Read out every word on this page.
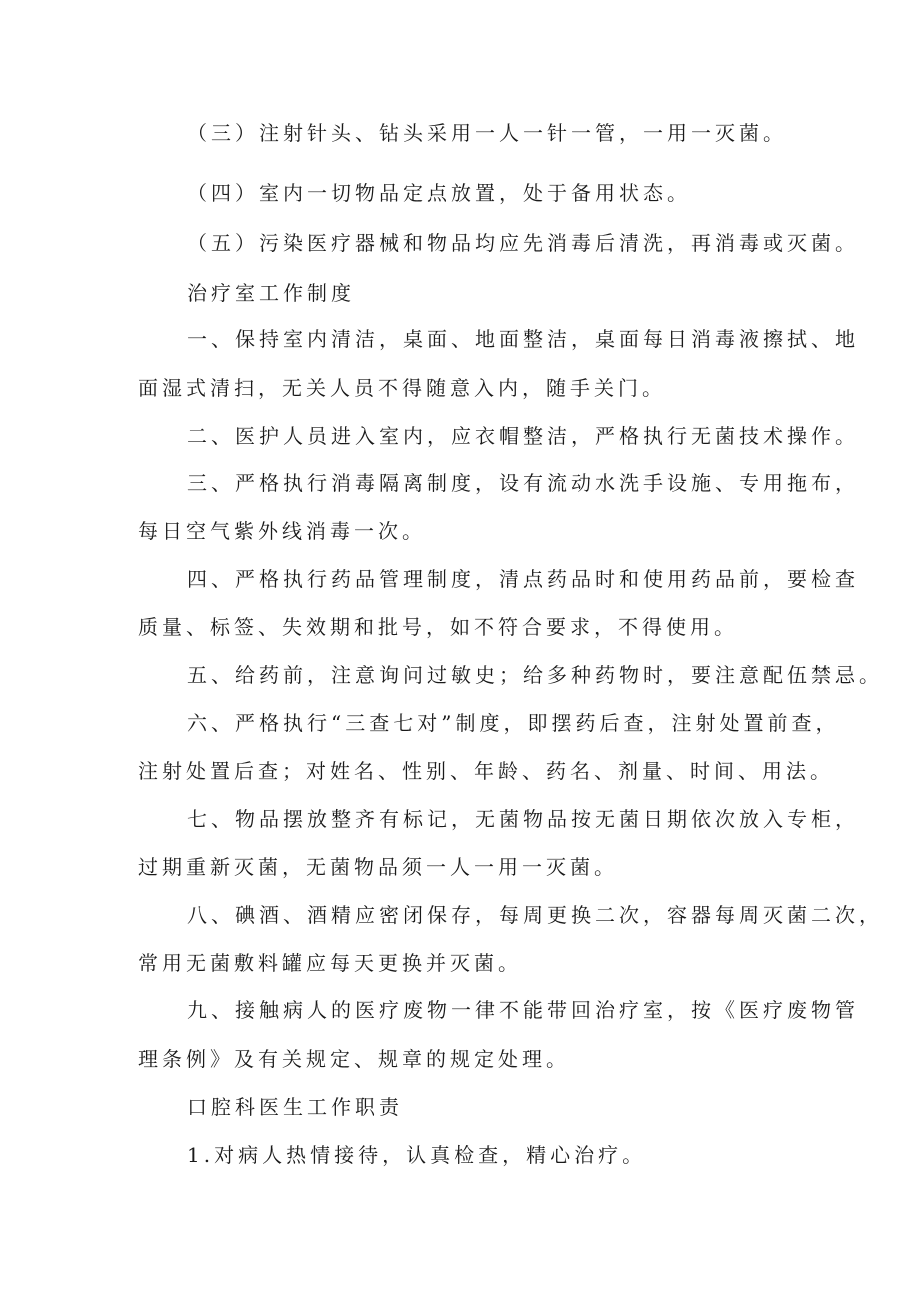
（三）注射针头、钻头采用一人一针一管，一用一灭菌。
（四）室内一切物品定点放置，处于备用状态。
（五）污染医疗器械和物品均应先消毒后清洗，再消毒或灭菌。
治疗室工作制度
一、保持室内清洁，桌面、地面整洁，桌面每日消毒液擦拭、地
面湿式清扫，无关人员不得随意入内，随手关门。
二、医护人员进入室内，应衣帽整洁，严格执行无菌技术操作。
三、严格执行消毒隔离制度，设有流动水洗手设施、专用拖布，
每日空气紫外线消毒一次。
四、严格执行药品管理制度，清点药品时和使用药品前，要检查
质量、标签、失效期和批号，如不符合要求，不得使用。
五、给药前，注意询问过敏史；给多种药物时，要注意配伍禁忌。
六、严格执行“三查七对”制度，即摆药后查，注射处置前查，
注射处置后查；对姓名、性别、年龄、药名、剂量、时间、用法。
七、物品摆放整齐有标记，无菌物品按无菌日期依次放入专柜，
过期重新灭菌，无菌物品须一人一用一灭菌。
八、碘酒、酒精应密闭保存，每周更换二次，容器每周灭菌二次，
常用无菌敷料罐应每天更换并灭菌。
九、接触病人的医疗废物一律不能带回治疗室，按《医疗废物管
理条例》及有关规定、规章的规定处理。
口腔科医生工作职责
1.对病人热情接待，认真检查，精心治疗。
